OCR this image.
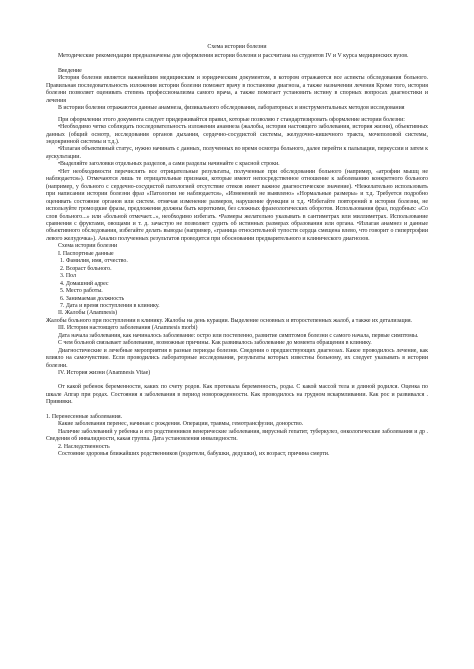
Схема истории болезни

Методические рекомендации предназначены для оформления истории болезни и рассчитана на студентов IV и V курса медицинских вузов.

Введение

История болезни является важнейшим медицинским и юридическим документом, в котором отражаются все аспекты обследования больного. Правильная последовательность изложения истории болезни поможет врачу в постановке диагноза, а также назначении лечения Кроме того, история болезни позволяет оценивать степень профессионализма самого врача, а также помогает установить истину в спорных вопросах диагностики и лечения

В истории болезни отражаются данные анамнеза, физикального обследования, лабораторных и инструментальных методов исследования

При оформлении этого документа следует придерживайтся правил, которые позволяю г стандартизировать оформление истории болезни:

•Необходимо четко соблюдать последовательность изложения анамнеза (жалобы, история настоящего заболевания, история жизни), объективных данных (общий осмотр, исследования органов дыхания, сердечно-сосудистой системы, желудочно-кишечного тракта, мочеполовой системы, эндокринной системы и т.д.).

•Излагая объективный статус, нужно начинать с данных, полученных во время осмотра больного, далее перейти к пальпации, перкуссии и затем к аускультации.

•Выделяйте заголовки отдельных разделов, а сами разделы начинайте с красной строки.

•Нет необходимости перечислять все отрицательные результаты, полученные при обследовании больного (например, «атрофии мышц не наблюдается»). Отмечаются лишь те отрицательные признаки, которые имеют непосредственное отношение к заболеванию конкретного больного (например, у больного с сердечно-сосудистой патологией отсутствие отеков имеет важное диагностическое значение). •Нежелательно использовать при написании истории болезни фраз «Патологии не наблюдается», «Изменений не выявлено» «Нормальные размеры» и т.д. Требуется подробно оценивать состояние органов или систем. отмечая изменение размеров, нарушение функции и т.д. •Избегайте повторений в истории болезни, не используйте громоздкие фразы, предложения должны быть короткими, без сложных фразеологических оборотов. Использования фраз, подобных: «Со слов больного...» или «больной отмечает...», необходимо избегать. •Размеры желательно указывать в сантиметрах или миллиметрах. Использование сравнения с фруктами, овощами и т. д. зачастую не позволяет судить об истинных размерах образования или органа. •Излагая анамнез и данные объективного обследования, избегайте делать выводы (например, «граница относительной тупости сердца смещена влево, что говорит о гипертрофии левого желудочка»). Анализ полученных результатов проводится при обосновании предварительного и клинического диагнозов.

Схема истории болезни

I. Паспортные данные

1. Фамилия, имя, отчество.

2. Возраст больного.

3. Пол

4. Домашний адрес

5. Место работы.

6. Занимаемая должность

7. Дата и время поступления в клинику.

II. Жалобы (Anamnesis)

Жалобы больного при поступлении в клинику. Жалобы на день курации. Выделение основных и второстепенных жалоб, а также их детализация.

III. История настоящего заболевания (Anamnesis morbi)

Дата начала заболевания, как начиналось заболевание: остро или постепенно, развитие симптомов болезни с самого начала, первые симптомы.

С чем больной связывает заболевание, возможные причины. Как развивалось заболевание до момента обращения в клинику.

Диагностические и лечебные мероприятия в разные периоды болезни. Сведения о предшествующих диагнозах. Какое проводилось лечение, как влияло на самочувствие. Если проводились лабораторные исследования, результаты которых известны больному, их следует указывать в истории болезни.

IV. История жизни (Anamnesis Vitae)

От какой ребенок беременности, каких по счету родов. Как протекала беременность, роды. С какой массой тела и длиной родился. Оценка по шкале Апгар при родах. Состояния я заболевания в период новорожденности. Как проводилось на грудном вскармливании. Как рос и развивался . Прививки.

1. Перенесенные заболевания.

Какие заболевания перенес, начиная с рождения. Операции, травмы, гемотрансфузии, донорство.

Наличие заболеваний у ребенка и его родственников венерические заболевания, вирусный гепатит, туберкулез, онкологические заболевания и др . Сведения об инвалидности, какая группа. Дата установления инвалидности.

2. Наследственность

Состояние здоровья ближайших родственников (родители, бабушки, дедушки), их возраст, причина смерти.
